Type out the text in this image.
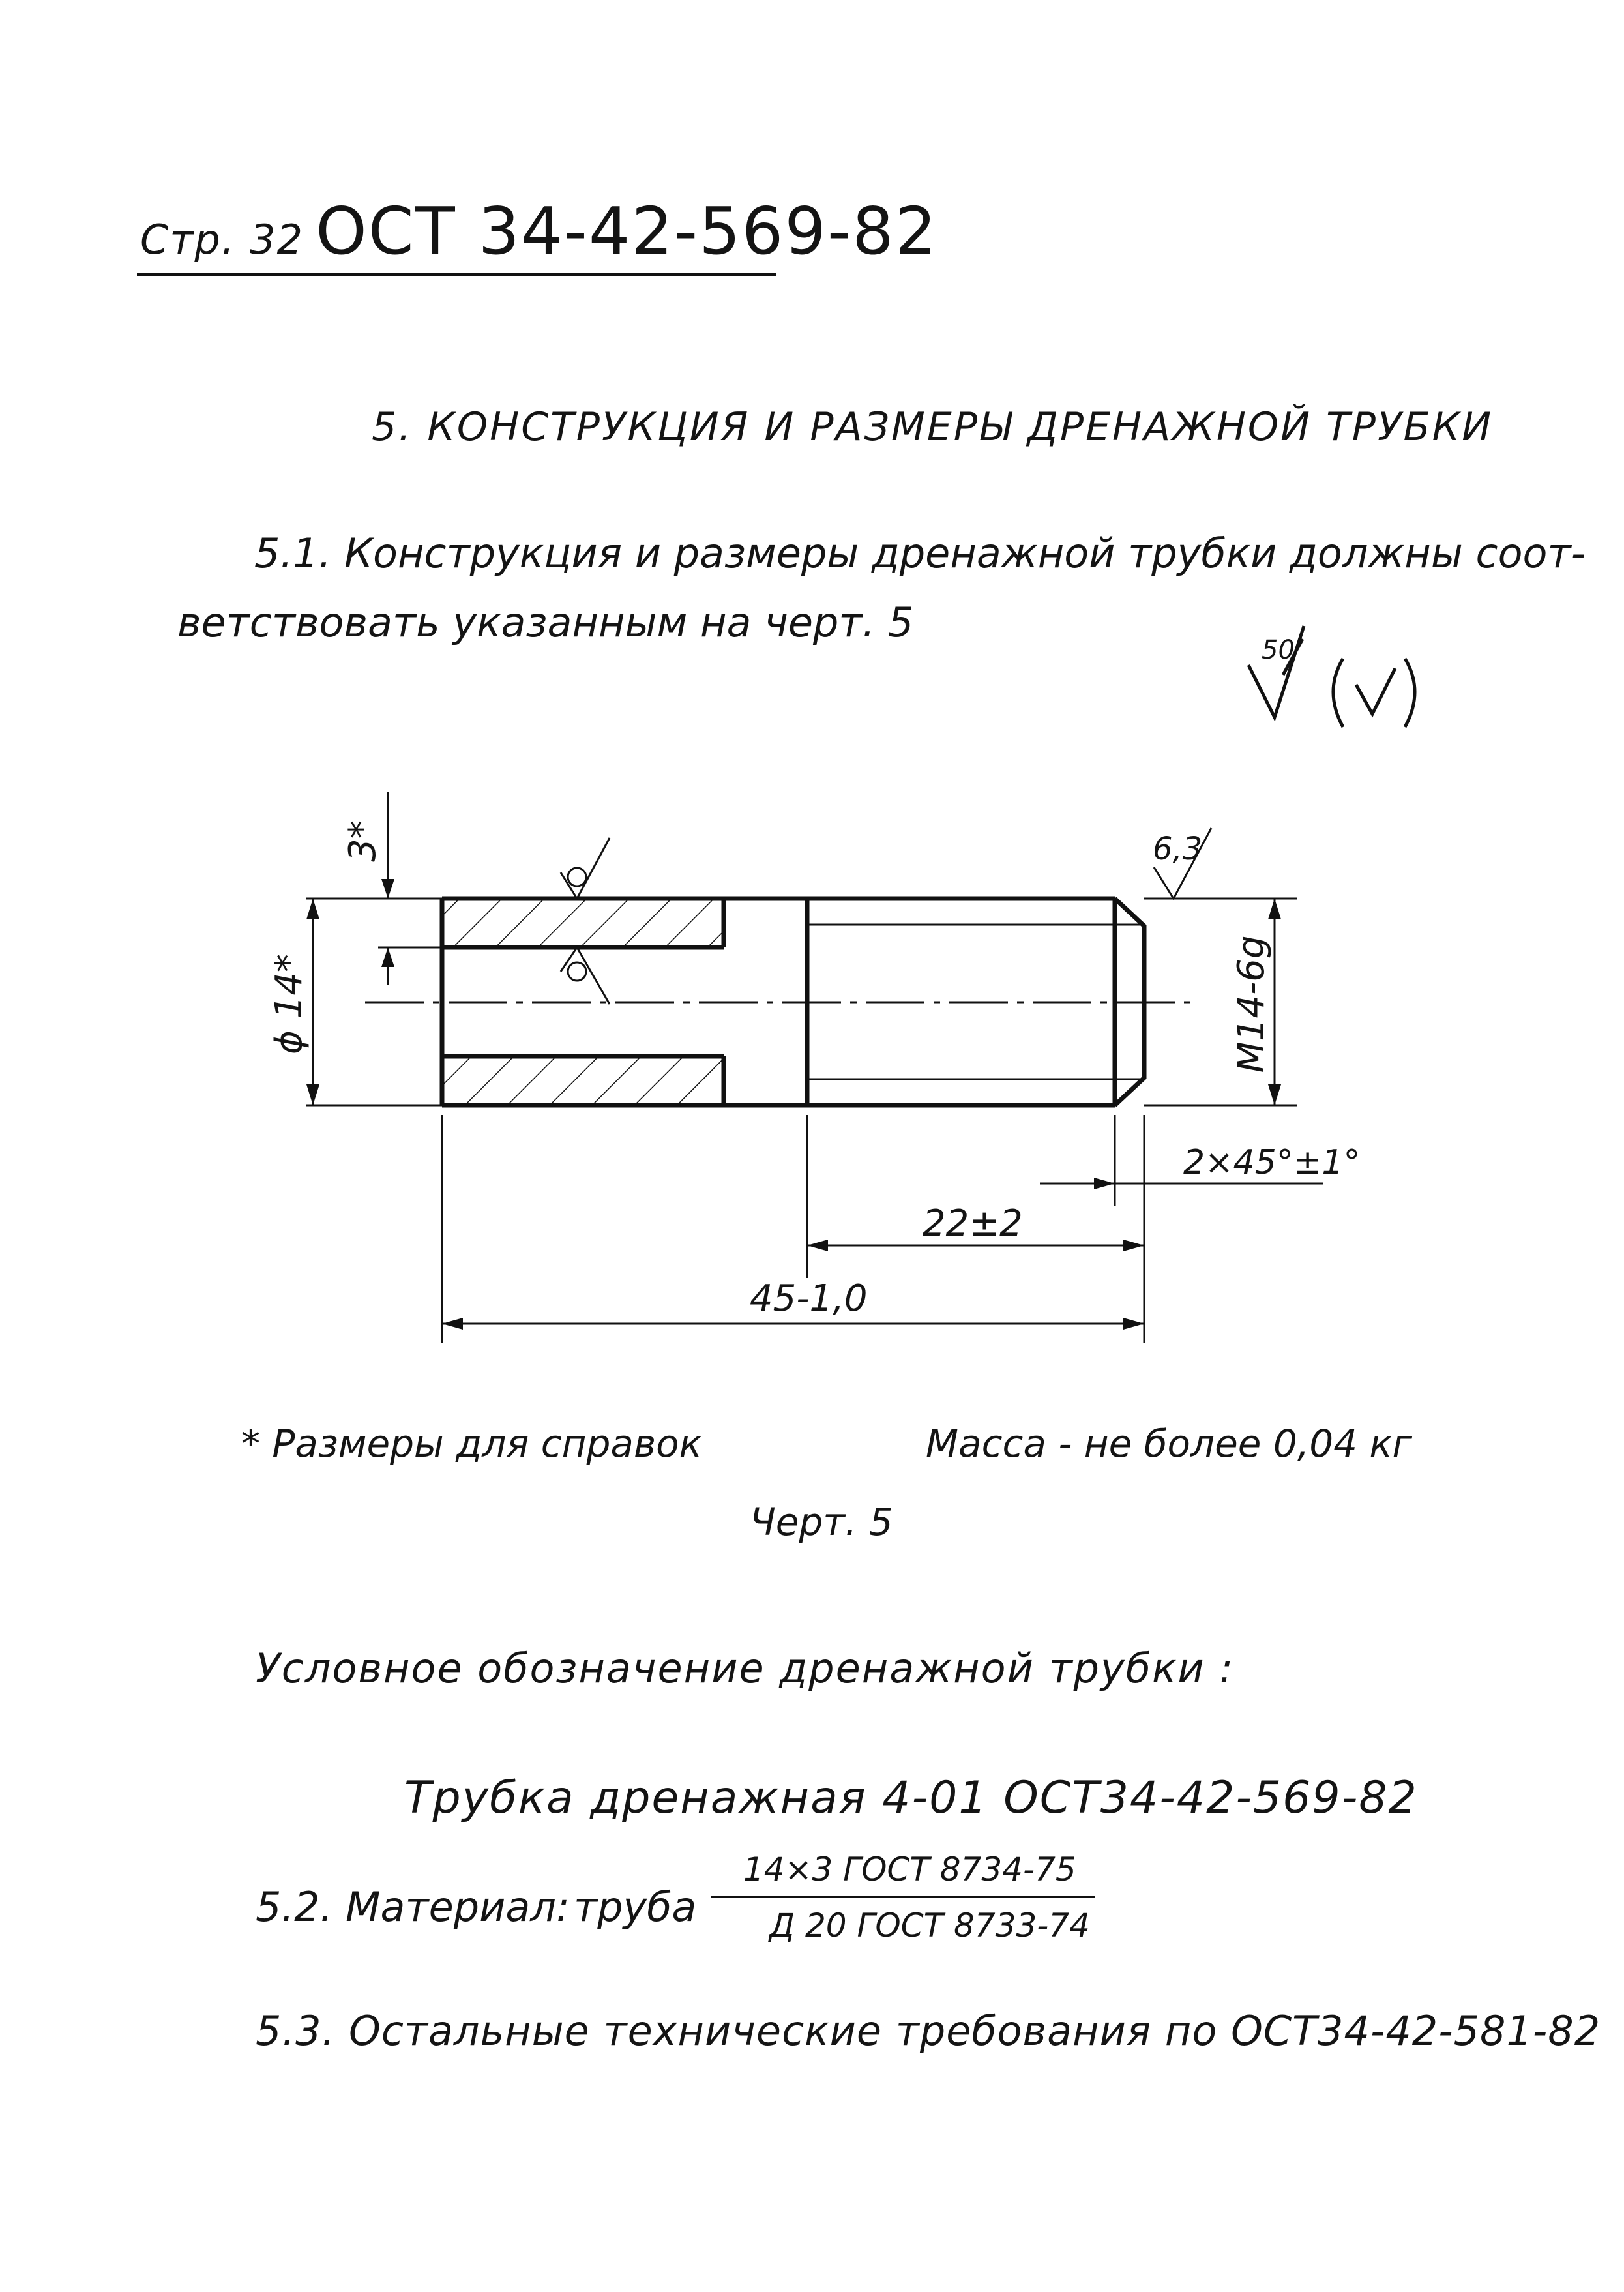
Стр. 32 ОСТ 34-42-569-82
5. КОНСТРУКЦИЯ И РАЗМЕРЫ ДРЕНАЖНОЙ ТРУБКИ
5.1. Конструкция и размеры дренажной трубки должны соот-
ветствовать указанным на черт. 5
50
3*
ϕ 14*	M14-6g
6,3
2×45°±1°
22±2
45-1,0
* Размеры для справок	Масса - не более 0,04 кг
Черт. 5
Условное обозначение дренажной трубки :
Трубка дренажная 4-01 ОСТ34-42-569-82
5.2. Материал: труба
14×3 ГОСТ 8734-75
Д 20 ГОСТ 8733-74
5.3. Остальные технические требования по ОСТ34-42-581-82
